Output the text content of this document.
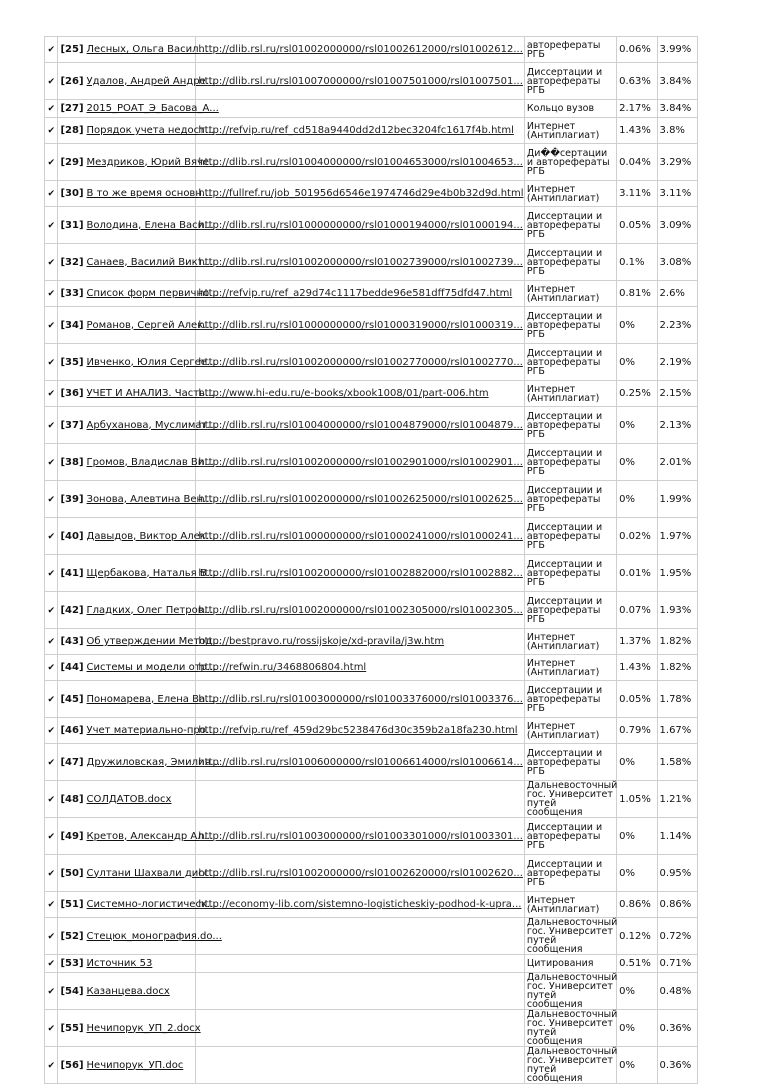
✔	[25] Лесных, Ольга Васил...	http://dlib.rsl.ru/rsl01002000000/rsl01002612000/rsl01002612...	авторефераты РГБ	0.06%	3.99%
✔	[26] Удалов, Андрей Андре...	http://dlib.rsl.ru/rsl01007000000/rsl01007501000/rsl01007501...	Диссертации и авторефераты РГБ	0.63%	3.84%
✔	[27] 2015_РОАТ_Э_Басова_А...		Кольцо вузов	2.17%	3.84%
✔	[28] Порядок учета недост...	http://refvip.ru/ref_cd518a9440dd2d12bec3204fc1617f4b.html	Интернет (Антиплагиат)	1.43%	3.8%
✔	[29] Мездриков, Юрий Вяче...	http://dlib.rsl.ru/rsl01004000000/rsl01004653000/rsl01004653...	Ди��сертации и авторефераты РГБ	0.04%	3.29%
✔	[30] В то же время основн...	http://fullref.ru/job_501956d6546e1974746d29e4b0b32d9d.html	Интернет (Антиплагиат)	3.11%	3.11%
✔	[31] Володина, Елена Васи...	http://dlib.rsl.ru/rsl01000000000/rsl01000194000/rsl01000194...	Диссертации и авторефераты РГБ	0.05%	3.09%
✔	[32] Санаев, Василий Викт...	http://dlib.rsl.ru/rsl01002000000/rsl01002739000/rsl01002739...	Диссертации и авторефераты РГБ	0.1%	3.08%
✔	[33] Список форм первично...	http://refvip.ru/ref_a29d74c1117bedde96e581dff75dfd47.html	Интернет (Антиплагиат)	0.81%	2.6%
✔	[34] Романов, Сергей Алек...	http://dlib.rsl.ru/rsl01000000000/rsl01000319000/rsl01000319...	Диссертации и авторефераты РГБ	0%	2.23%
✔	[35] Ивченко, Юлия Сергее...	http://dlib.rsl.ru/rsl01002000000/rsl01002770000/rsl01002770...	Диссертации и авторефераты РГБ	0%	2.19%
✔	[36] УЧЕТ И АНАЛИЗ. Часть...	http://www.hi-edu.ru/e-books/xbook1008/01/part-006.htm	Интернет (Антиплагиат)	0.25%	2.15%
✔	[37] Арбуханова, Муслимат...	http://dlib.rsl.ru/rsl01004000000/rsl01004879000/rsl01004879...	Диссертации и авторефераты РГБ	0%	2.13%
✔	[38] Громов, Владислав Ви...	http://dlib.rsl.ru/rsl01002000000/rsl01002901000/rsl01002901...	Диссертации и авторефераты РГБ	0%	2.01%
✔	[39] Зонова, Алевтина Вен...	http://dlib.rsl.ru/rsl01002000000/rsl01002625000/rsl01002625...	Диссертации и авторефераты РГБ	0%	1.99%
✔	[40] Давыдов, Виктор Алек...	http://dlib.rsl.ru/rsl01000000000/rsl01000241000/rsl01000241...	Диссертации и авторефераты РГБ	0.02%	1.97%
✔	[41] Щербакова, Наталья В...	http://dlib.rsl.ru/rsl01002000000/rsl01002882000/rsl01002882...	Диссертации и авторефераты РГБ	0.01%	1.95%
✔	[42] Гладких, Олег Петров...	http://dlib.rsl.ru/rsl01002000000/rsl01002305000/rsl01002305...	Диссертации и авторефераты РГБ	0.07%	1.93%
✔	[43] Об утверждении Метод...	http://bestpravo.ru/rossijskoje/xd-pravila/j3w.htm	Интернет (Антиплагиат)	1.37%	1.82%
✔	[44] Системы и модели отр...	http://refwin.ru/3468806804.html	Интернет (Антиплагиат)	1.43%	1.82%
✔	[45] Пономарева, Елена Ва...	http://dlib.rsl.ru/rsl01003000000/rsl01003376000/rsl01003376...	Диссертации и авторефераты РГБ	0.05%	1.78%
✔	[46] Учет материально-про...	http://refvip.ru/ref_459d29bc5238476d30c359b2a18fa230.html	Интернет (Антиплагиат)	0.79%	1.67%
✔	[47] Дружиловская, Эмилия...	http://dlib.rsl.ru/rsl01006000000/rsl01006614000/rsl01006614...	Диссертации и авторефераты РГБ	0%	1.58%
✔	[48] СОЛДАТОВ.docx		Дальневосточный гос. Университет путей сообщения	1.05%	1.21%
✔	[49] Кретов, Александр Ал...	http://dlib.rsl.ru/rsl01003000000/rsl01003301000/rsl01003301...	Диссертации и авторефераты РГБ	0%	1.14%
✔	[50] Султани Шахвали дисс...	http://dlib.rsl.ru/rsl01002000000/rsl01002620000/rsl01002620...	Диссертации и авторефераты РГБ	0%	0.95%
✔	[51] Системно-логистическ...	http://economy-lib.com/sistemno-logisticheskiy-podhod-k-upra...	Интернет (Антиплагиат)	0.86%	0.86%
✔	[52] Стецюк_монография.do...		Дальневосточный гос. Университет путей сообщения	0.12%	0.72%
✔	[53] Источник 53		Цитирования	0.51%	0.71%
✔	[54] Казанцева.docx		Дальневосточный гос. Университет путей сообщения	0%	0.48%
✔	[55] Нечипорук_УП_2.docx		Дальневосточный гос. Университет путей сообщения	0%	0.36%
✔	[56] Нечипорук_УП.doc		Дальневосточный гос. Университет путей сообщения	0%	0.36%
